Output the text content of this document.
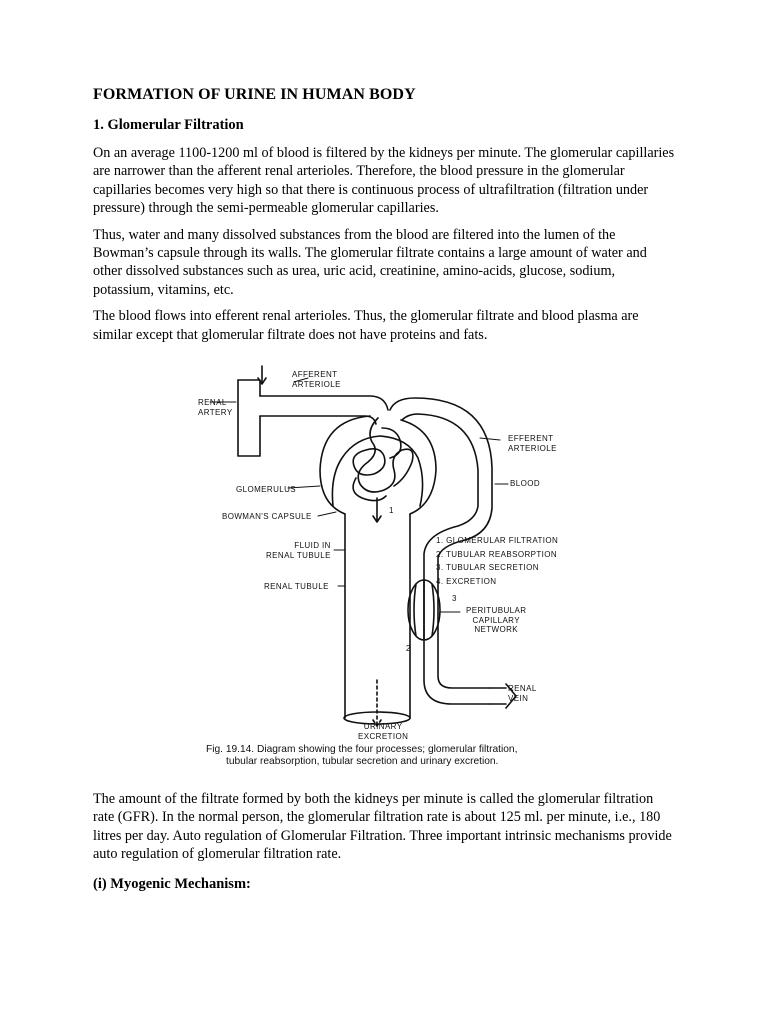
FORMATION OF URINE IN HUMAN BODY
1. Glomerular Filtration

On an average 1100-1200 ml of blood is filtered by the kidneys per minute. The glomerular capillaries are narrower than the afferent renal arterioles. Therefore, the blood pressure in the glomerular capillaries becomes very high so that there is continuous process of ultrafiltration (filtration under pressure) through the semi-permeable glomerular capillaries.

Thus, water and many dissolved substances from the blood are filtered into the lumen of the Bowman’s capsule through its walls. The glomerular filtrate contains a large amount of water and other dissolved substances such as urea, uric acid, creatinine, amino-acids, glucose, sodium, potassium, vitamins, etc.

The blood flows into efferent renal arterioles. Thus, the glomerular filtrate and blood plasma are similar except that glomerular filtrate does not have proteins and fats.

AFFERENT
ARTERIOLE
RENAL
ARTERY
EFFERENT
ARTERIOLE
BLOOD
GLOMERULUS
BOWMAN'S CAPSULE
FLUID IN
RENAL TUBULE
RENAL TUBULE
1. GLOMERULAR FILTRATION
2. TUBULAR REABSORPTION
3. TUBULAR SECRETION
4. EXCRETION
PERITUBULAR
CAPILLARY
NETWORK
RENAL
VEIN
URINARY
EXCRETION
1
2
3
Fig. 19.14. Diagram showing the four processes; glomerular filtration,
tubular reabsorption, tubular secretion and urinary excretion.

The amount of the filtrate formed by both the kidneys per minute is called the glomerular filtration rate (GFR). In the normal person, the glomerular filtration rate is about 125 ml. per minute, i.e., 180 litres per day. Auto regulation of Glomerular Filtration. Three important intrinsic mechanisms provide auto regulation of glomerular filtration rate.

(i) Myogenic Mechanism:
